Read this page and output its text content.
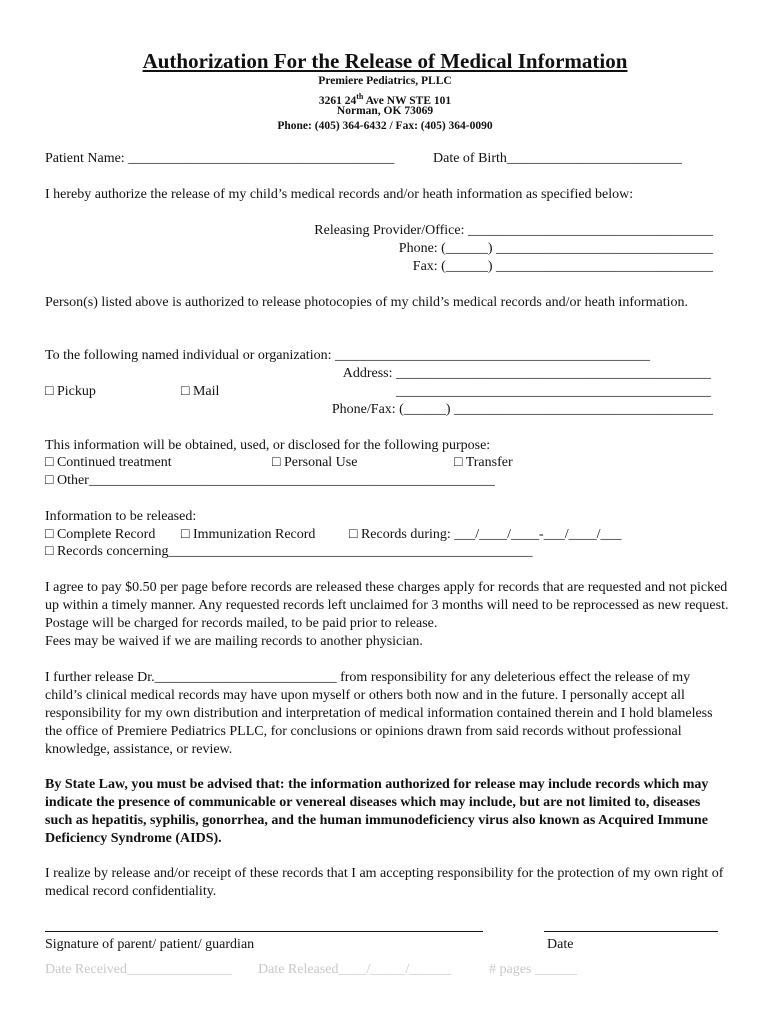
Authorization For the Release of Medical Information
Premiere Pediatrics, PLLC
3261 24th Ave NW STE 101
Norman, OK 73069
Phone: (405) 364-6432 / Fax: (405) 364-0090
Patient Name: ______________________________________	Date of Birth_________________________
I hereby authorize the release of my child’s medical records and/or heath information as specified below:
Releasing Provider/Office: ___________________________________
Phone: (______) _______________________________
Fax: (______) _______________________________
Person(s) listed above is authorized to release photocopies of my child’s medical records and/or heath information.
To the following named individual or organization: _____________________________________________
Address: _____________________________________________
□ Pickup	□ Mail	_____________________________________________
Phone/Fax: (______) _____________________________________
This information will be obtained, used, or disclosed for the following purpose:
□ Continued treatment	□ Personal Use	□ Transfer
□ Other__________________________________________________________
Information to be released:
□ Complete Record □ Immunization Record □ Records during: ___/____/____-___/____/___
□ Records concerning____________________________________________________
I agree to pay $0.50 per page before records are released these charges apply for records that are requested and not picked up within a timely manner. Any requested records left unclaimed for 3 months will need to be reprocessed as new request. Postage will be charged for records mailed, to be paid prior to release.
Fees may be waived if we are mailing records to another physician.
I further release Dr.__________________________ from responsibility for any deleterious effect the release of my child’s clinical medical records may have upon myself or others both now and in the future. I personally accept all responsibility for my own distribution and interpretation of medical information contained therein and I hold blameless the office of Premiere Pediatrics PLLC, for conclusions or opinions drawn from said records without professional knowledge, assistance, or review.
By State Law, you must be advised that: the information authorized for release may include records which may indicate the presence of communicable or venereal diseases which may include, but are not limited to, diseases such as hepatitis, syphilis, gonorrhea, and the human immunodeficiency virus also known as Acquired Immune Deficiency Syndrome (AIDS).
I realize by release and/or receipt of these records that I am accepting responsibility for the protection of my own right of medical record confidentiality.
Signature of parent/ patient/ guardian	Date
Date Received_______________ Date Released____/_____/______	# pages ______
